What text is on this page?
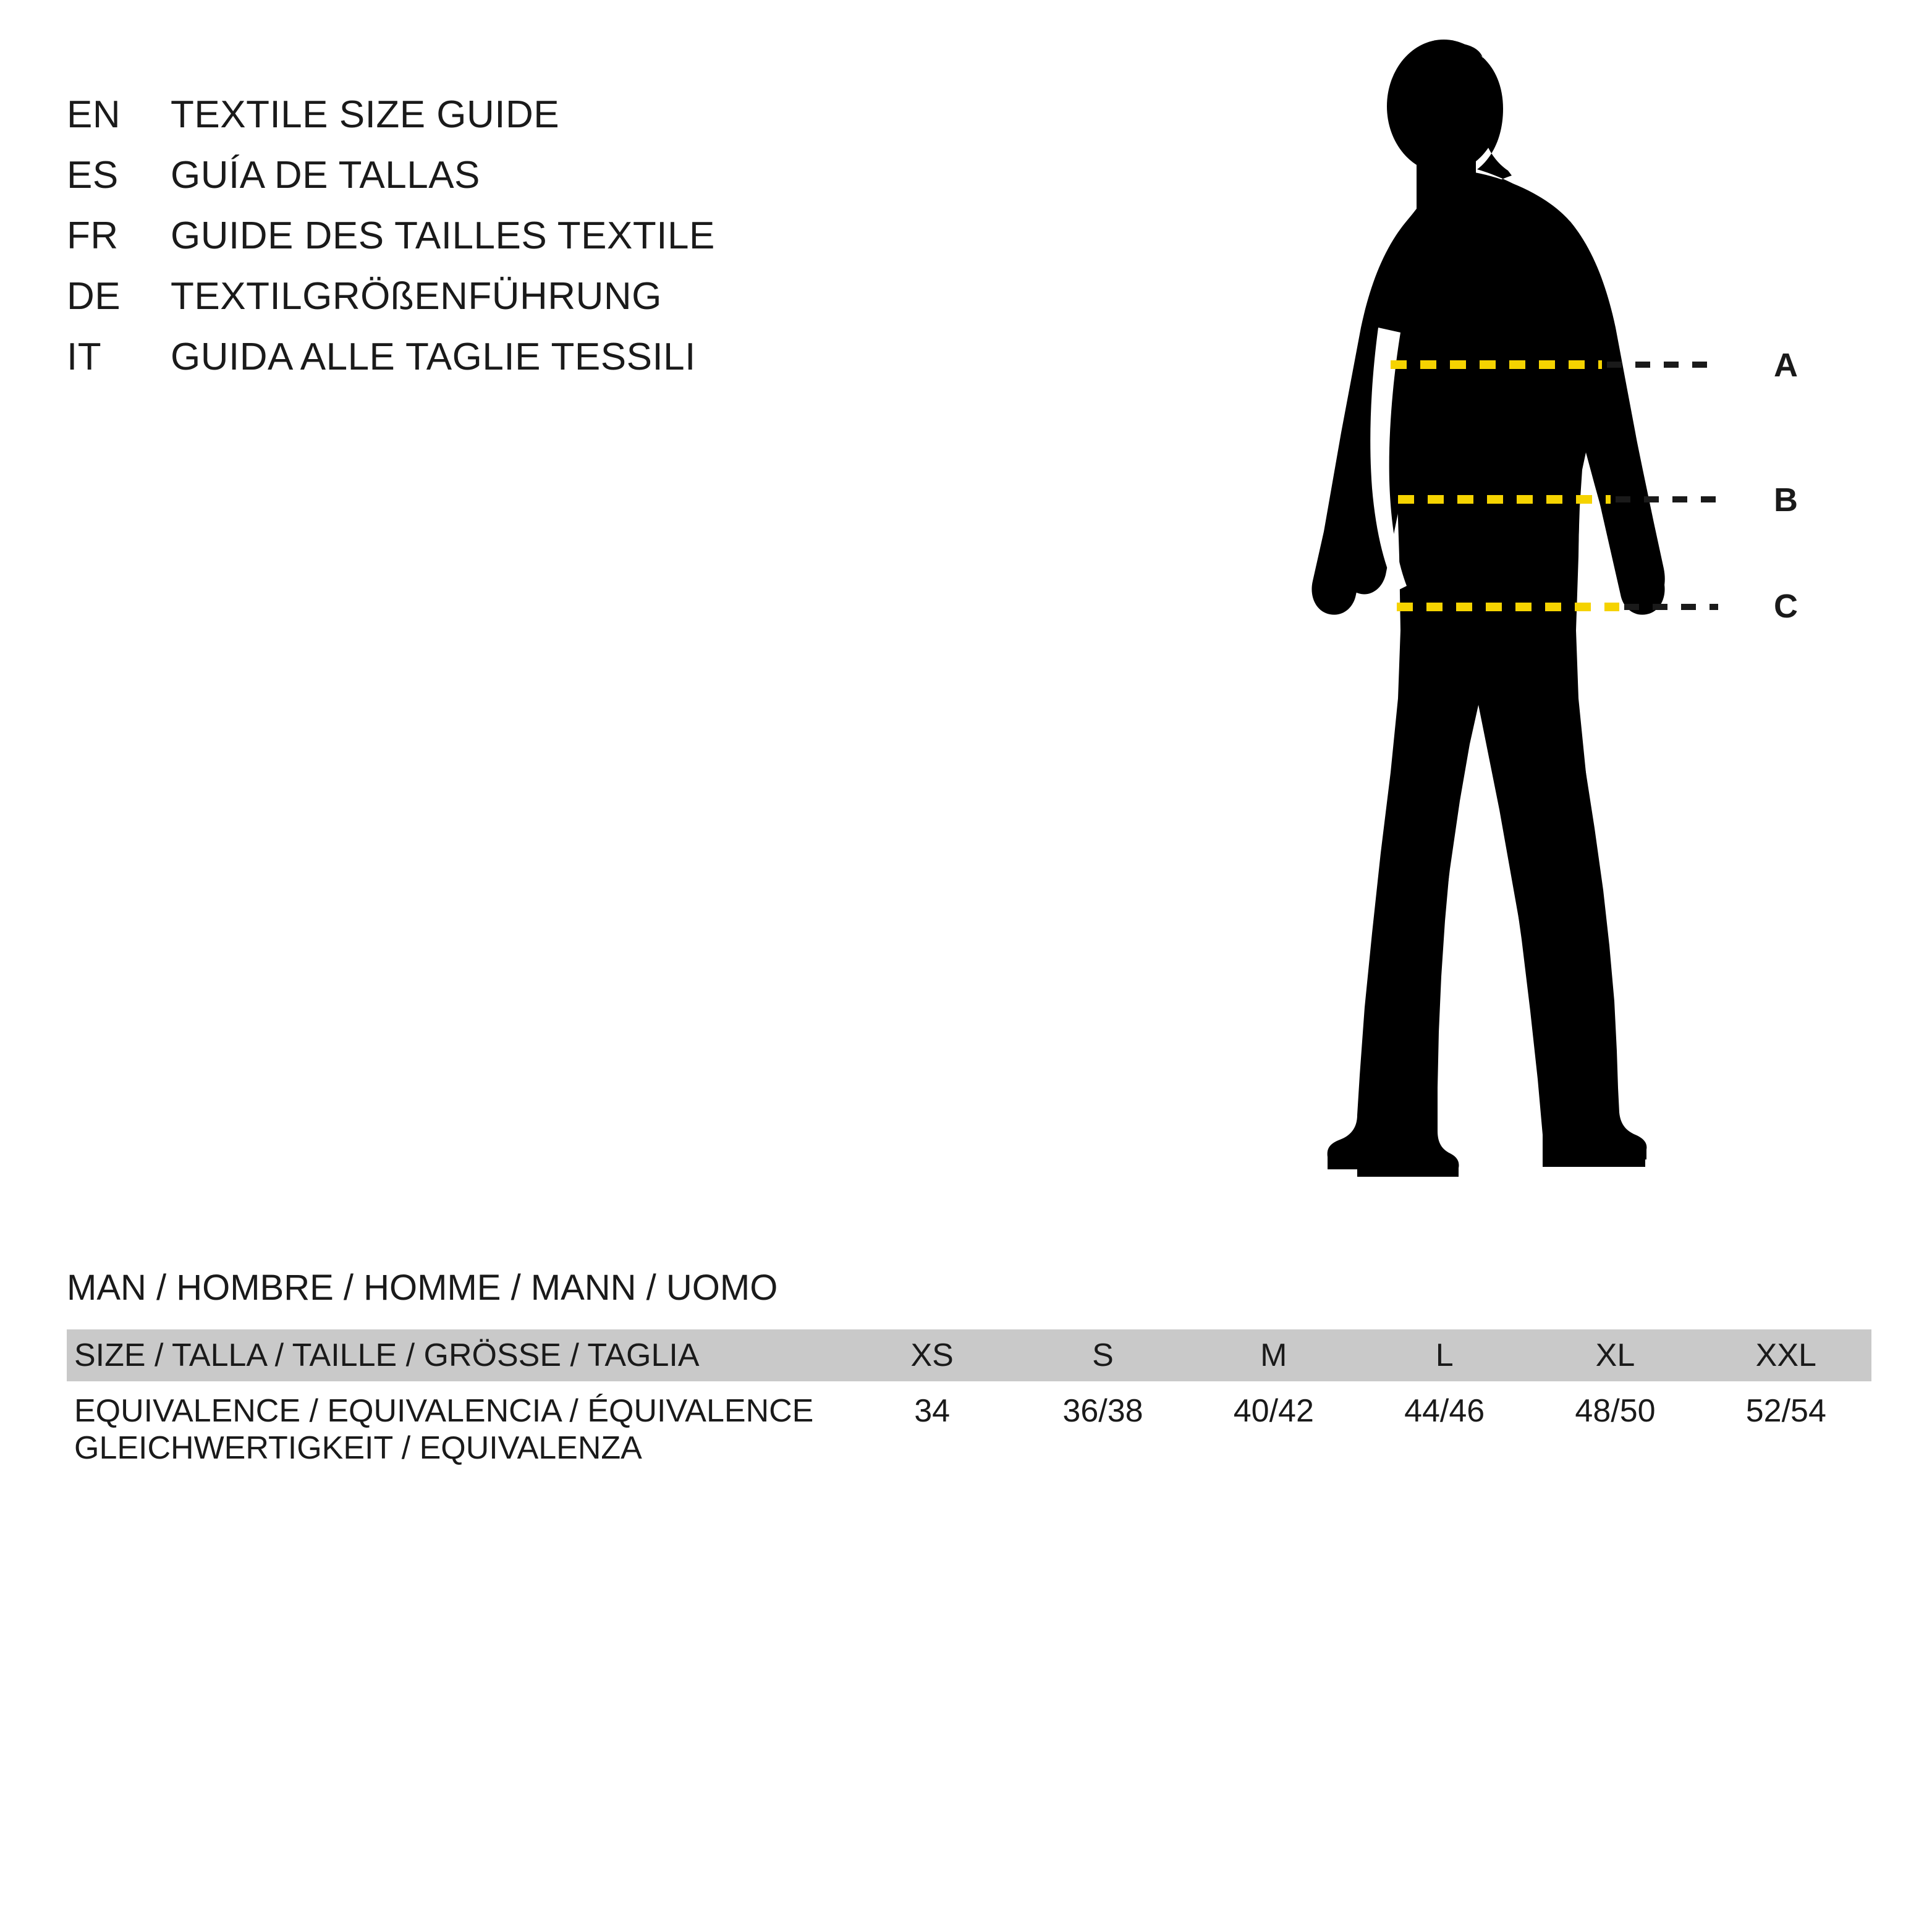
EN	TEXTILE SIZE GUIDE
ES	GUÍA DE TALLAS
FR	GUIDE DES TAILLES TEXTILE
DE	TEXTILGRÖßENFÜHRUNG
IT	GUIDA ALLE TAGLIE TESSILI	A
B
C
MAN / HOMBRE / HOMME / MANN / UOMO
SIZE / TALLA / TAILLE / GRÖSSE / TAGLIA	XS	S	M	L	XL	XXL
EQUIVALENCE / EQUIVALENCIA / ÉQUIVALENCE
GLEICHWERTIGKEIT / EQUIVALENZA	34	36/38	40/42	44/46	48/50	52/54
